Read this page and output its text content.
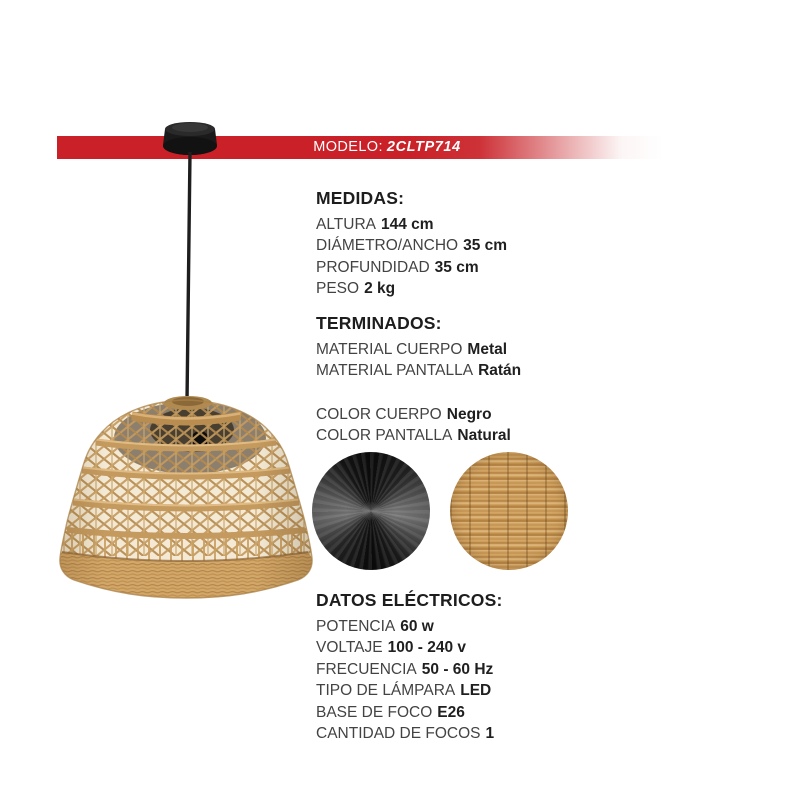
MODELO: 2CLTP714
MEDIDAS:
ALTURA 144 cm
DIÁMETRO/ANCHO 35 cm
PROFUNDIDAD 35 cm
PESO 2 kg
TERMINADOS:
MATERIAL CUERPO Metal
MATERIAL PANTALLA Ratán
COLOR CUERPO Negro
COLOR PANTALLA Natural
DATOS ELÉCTRICOS:
POTENCIA 60 w
VOLTAJE 100 - 240 v
FRECUENCIA 50 - 60 Hz
TIPO DE LÁMPARA LED
BASE DE FOCO E26
CANTIDAD DE FOCOS 1
